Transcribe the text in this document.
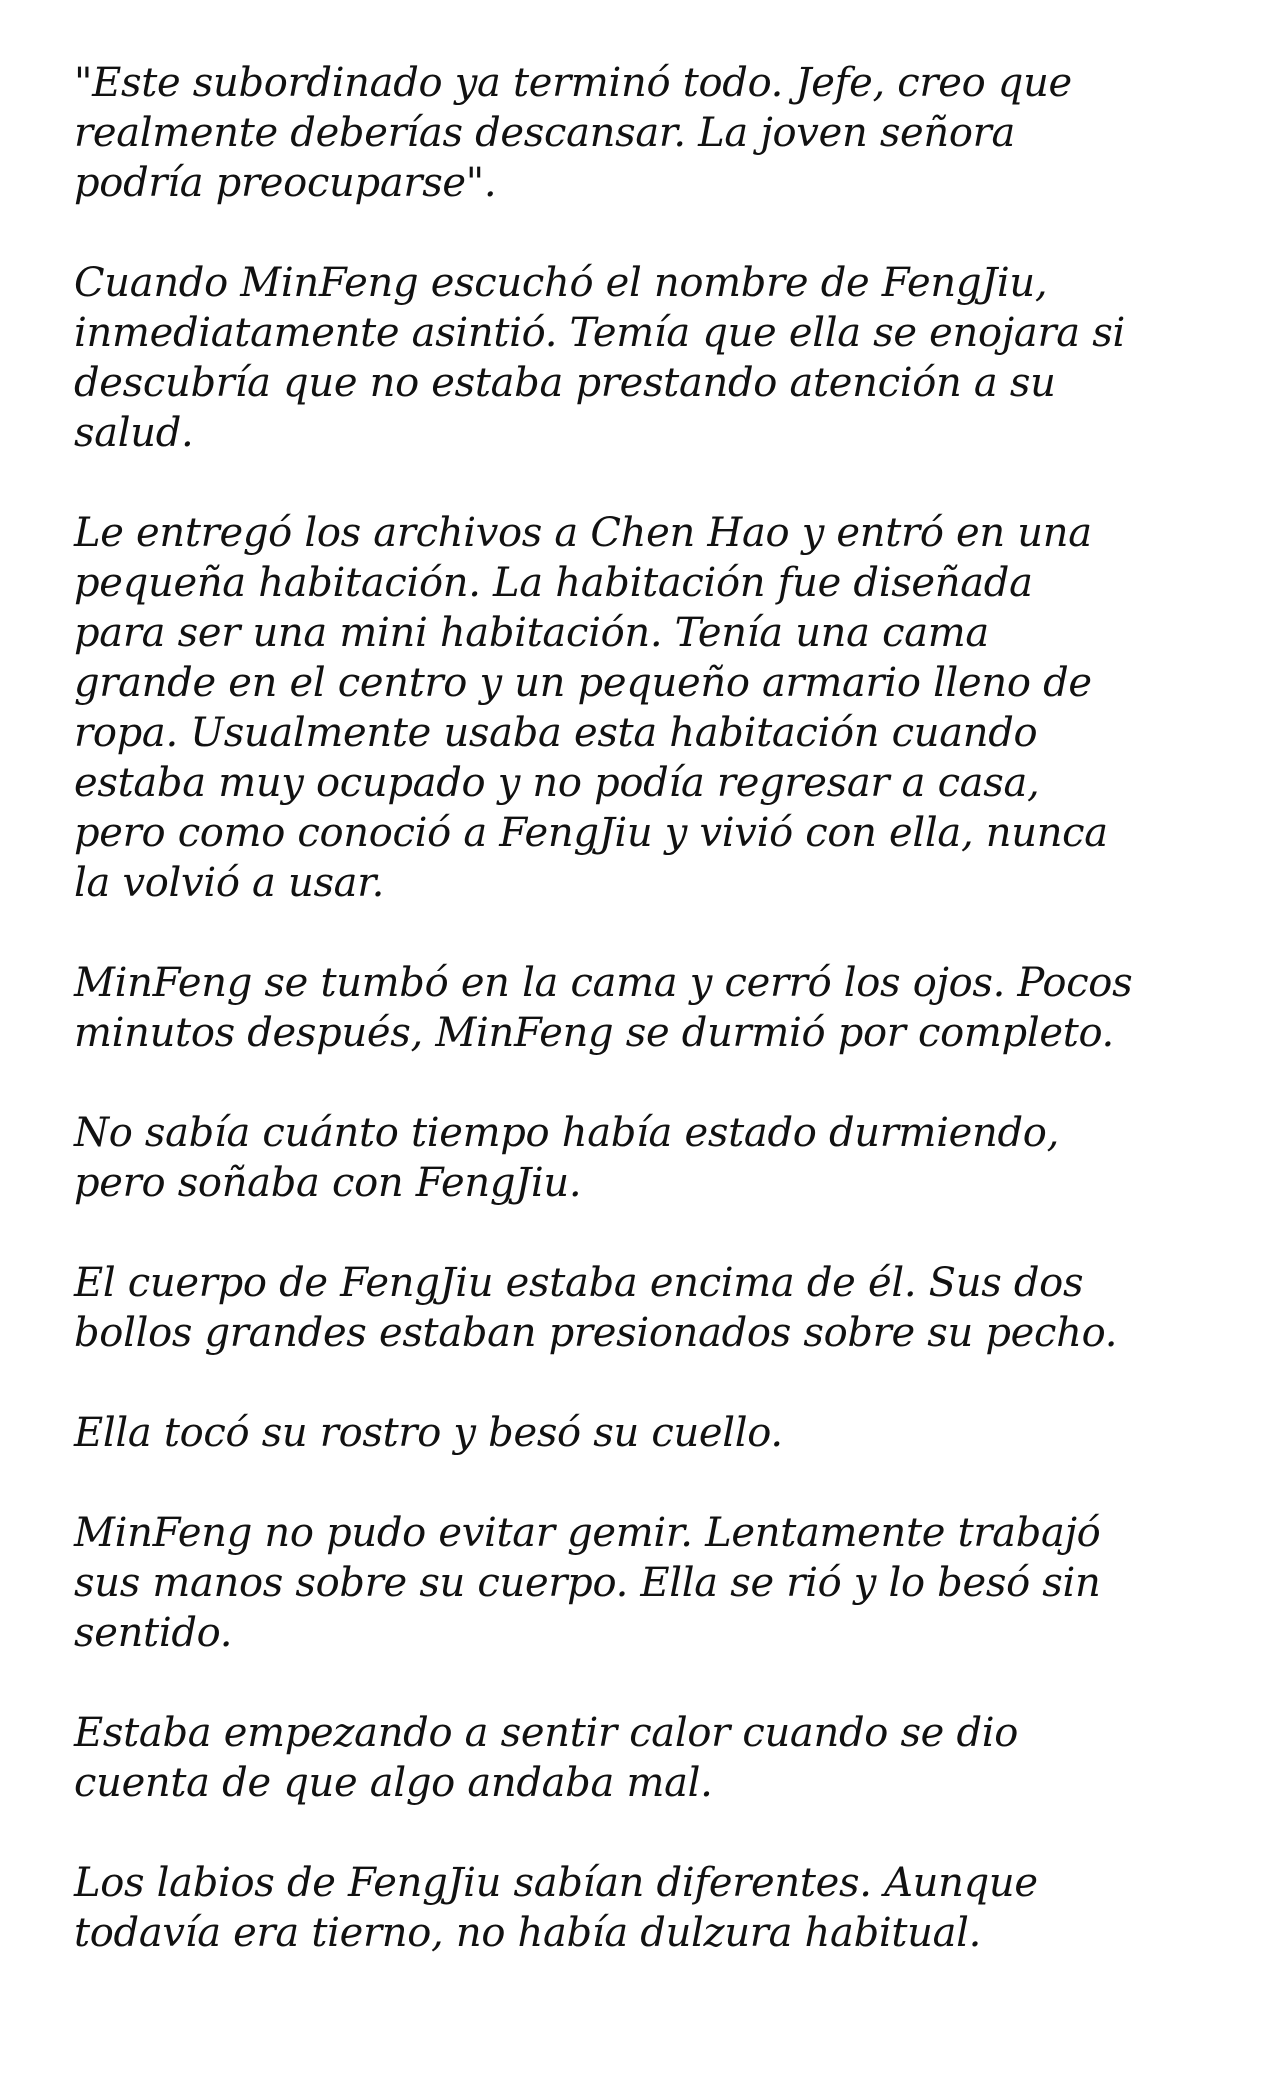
"Este subordinado ya terminó todo. Jefe, creo que
realmente deberías descansar. La joven señora
podría preocuparse".

Cuando MinFeng escuchó el nombre de FengJiu,
inmediatamente asintió. Temía que ella se enojara si
descubría que no estaba prestando atención a su
salud.

Le entregó los archivos a Chen Hao y entró en una
pequeña habitación. La habitación fue diseñada
para ser una mini habitación. Tenía una cama
grande en el centro y un pequeño armario lleno de
ropa. Usualmente usaba esta habitación cuando
estaba muy ocupado y no podía regresar a casa,
pero como conoció a FengJiu y vivió con ella, nunca
la volvió a usar.

MinFeng se tumbó en la cama y cerró los ojos. Pocos
minutos después, MinFeng se durmió por completo.

No sabía cuánto tiempo había estado durmiendo,
pero soñaba con FengJiu.

El cuerpo de FengJiu estaba encima de él. Sus dos
bollos grandes estaban presionados sobre su pecho.

Ella tocó su rostro y besó su cuello.

MinFeng no pudo evitar gemir. Lentamente trabajó
sus manos sobre su cuerpo. Ella se rió y lo besó sin
sentido.

Estaba empezando a sentir calor cuando se dio
cuenta de que algo andaba mal.

Los labios de FengJiu sabían diferentes. Aunque
todavía era tierno, no había dulzura habitual.
